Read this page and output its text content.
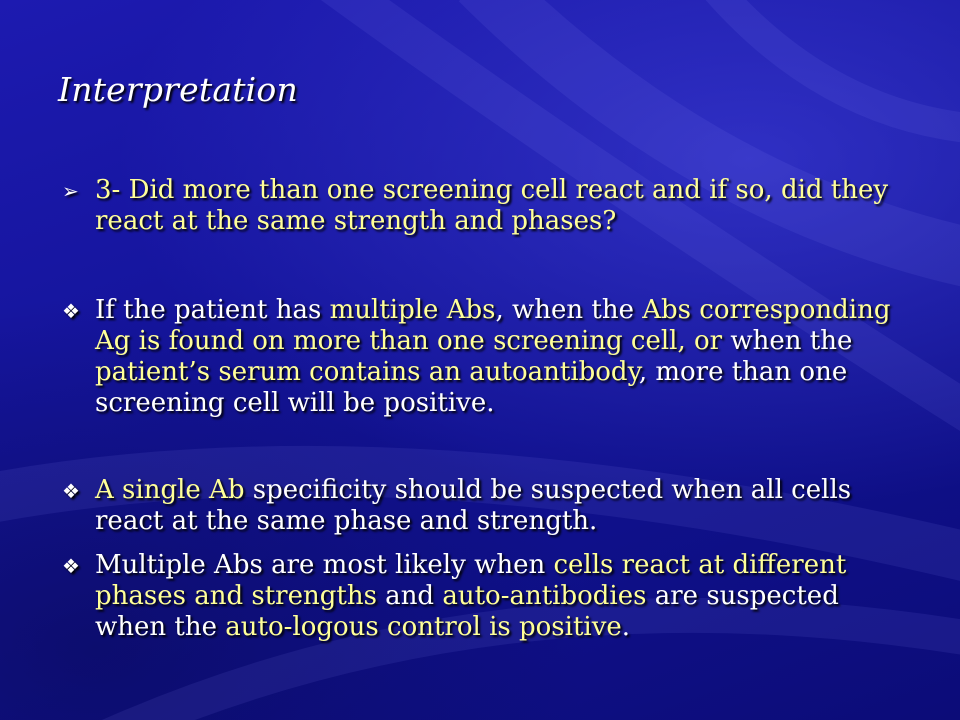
Interpretation
➢ 3- Did more than one screening cell react and if so, did they react at the same strength and phases?
❖ If the patient has multiple Abs, when the Abs corresponding Ag is found on more than one screening cell, or when the patient’s serum contains an autoantibody, more than one screening cell will be positive.
❖ A single Ab specificity should be suspected when all cells react at the same phase and strength.
❖ Multiple Abs are most likely when cells react at different phases and strengths and auto-antibodies are suspected when the auto-logous control is positive.
